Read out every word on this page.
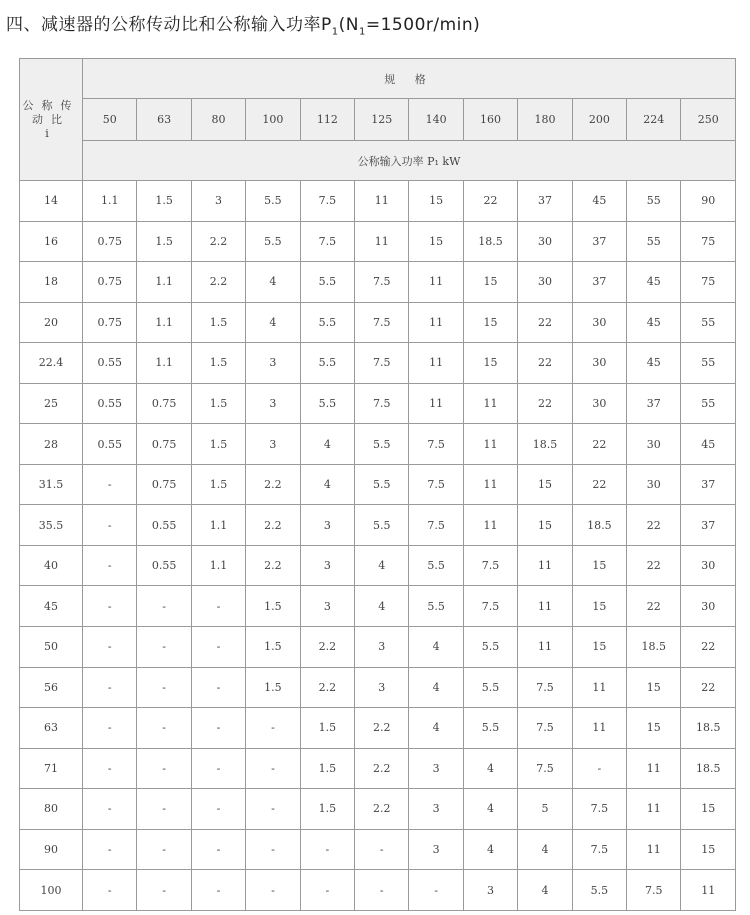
四、减速器的公称传动比和公称输入功率$P_1(N_1=1500r/\min)$
公称传
动比
i	规 格											
	50	63	80	100	112	125	140	160	180	200	224	250
	公称输入功率 P₁ kW											
14	1.1	1.5	3	5.5	7.5	11	15	22	37	45	55	90
16	0.75	1.5	2.2	5.5	7.5	11	15	18.5	30	37	55	75
18	0.75	1.1	2.2	4	5.5	7.5	11	15	30	37	45	75
20	0.75	1.1	1.5	4	5.5	7.5	11	15	22	30	45	55
22.4	0.55	1.1	1.5	3	5.5	7.5	11	15	22	30	45	55
25	0.55	0.75	1.5	3	5.5	7.5	11	11	22	30	37	55
28	0.55	0.75	1.5	3	4	5.5	7.5	11	18.5	22	30	45
31.5	-	0.75	1.5	2.2	4	5.5	7.5	11	15	22	30	37
35.5	-	0.55	1.1	2.2	3	5.5	7.5	11	15	18.5	22	37
40	-	0.55	1.1	2.2	3	4	5.5	7.5	11	15	22	30
45	-	-	-	1.5	3	4	5.5	7.5	11	15	22	30
50	-	-	-	1.5	2.2	3	4	5.5	11	15	18.5	22
56	-	-	-	1.5	2.2	3	4	5.5	7.5	11	15	22
63	-	-	-	-	1.5	2.2	4	5.5	7.5	11	15	18.5
71	-	-	-	-	1.5	2.2	3	4	7.5	-	11	18.5
80	-	-	-	-	1.5	2.2	3	4	5	7.5	11	15
90	-	-	-	-	-	-	3	4	4	7.5	11	15
100	-	-	-	-	-	-	-	3	4	5.5	7.5	11
